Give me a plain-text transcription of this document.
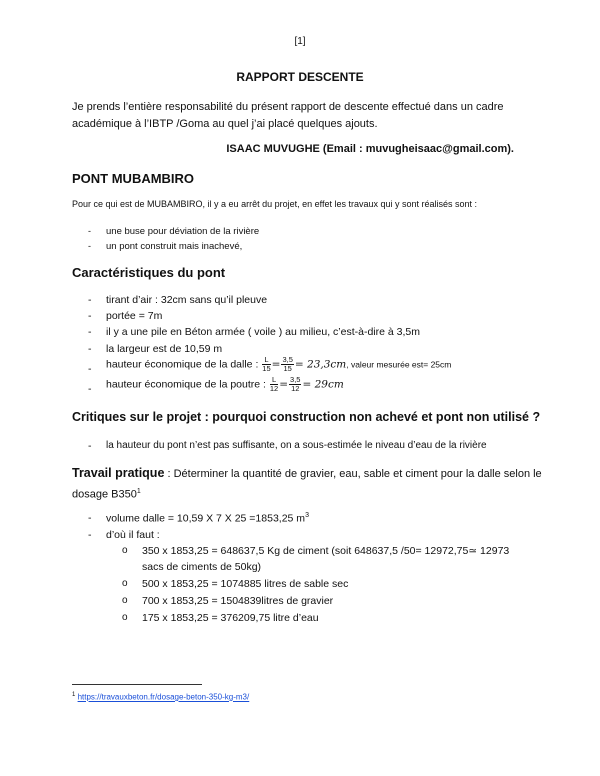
[1]
RAPPORT DESCENTE
Je prends l’entière responsabilité du présent rapport de descente effectué dans un cadre académique à l’IBTP /Goma au quel j’ai placé quelques ajouts.
ISAAC MUVUGHE (Email : muvugheisaac@gmail.com).
PONT MUBAMBIRO
Pour ce qui est de MUBAMBIRO, il y a eu arrêt du projet, en effet les travaux qui y sont réalisés sont :
- une buse pour déviation de la rivière
- un pont construit mais inachevé,
Caractéristiques du pont
- tirant d’air : 32cm sans qu’il pleuve
- portée = 7m
- il y a une pile en Béton armée ( voile ) au milieu, c’est-à-dire à 3,5m
- la largeur est de 10,59 m
- hauteur économique de la dalle : $\frac{L}{15} = \frac{3,5}{15} = 23,3cm$, valeur mesurée est= 25cm
- hauteur économique de la poutre : $\frac{L}{12} = \frac{3,5}{12} = 29cm$
Critiques sur le projet : pourquoi construction non achevé et pont non utilisé ?
- la hauteur du pont n’est pas suffisante, on a sous-estimée le niveau d’eau de la rivière
Travail pratique : Déterminer la quantité de gravier, eau, sable et ciment pour la dalle selon le dosage $B350^1$
- volume dalle = 10,59 X 7 X 25 =1853,25 $m^3$
- d’où il faut :
o 350 x 1853,25 = 648637,5 Kg de ciment (soit 648637,5 /50= 12972,75≃ 12973
sacs de ciments de 50kg)
o 500 x 1853,25 = 1074885 litres de sable sec
o 700 x 1853,25 = 1504839litres de gravier
o 175 x 1853,25 = 376209,75 litre d’eau
$^1$ https://travauxbeton.fr/dosage-beton-350-kg-m3/
